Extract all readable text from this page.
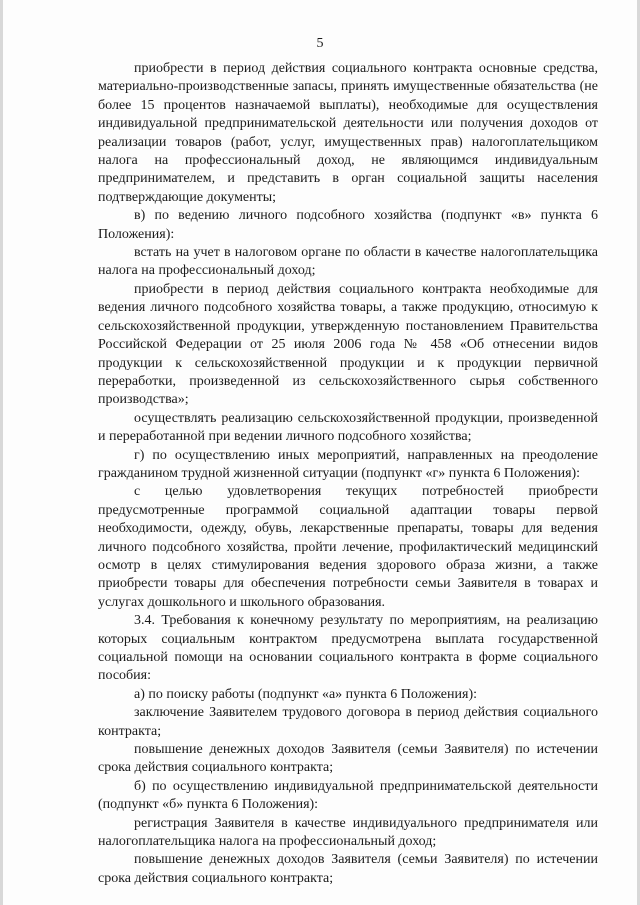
5

приобрести в период действия социального контракта основные средства, материально-производственные запасы, принять имущественные обязательства (не более 15 процентов назначаемой выплаты), необходимые для осуществления индивидуальной предпринимательской деятельности или получения доходов от реализации товаров (работ, услуг, имущественных прав) налогоплательщиком налога на профессиональный доход, не являющимся индивидуальным предпринимателем, и представить в орган социальной защиты населения подтверждающие документы;

в) по ведению личного подсобного хозяйства (подпункт «в» пункта 6 Положения):

встать на учет в налоговом органе по области в качестве налогоплательщика налога на профессиональный доход;

приобрести в период действия социального контракта необходимые для ведения личного подсобного хозяйства товары, а также продукцию, относимую к сельскохозяйственной продукции, утвержденную постановлением Правительства Российской Федерации от 25 июля 2006 года № 458 «Об отнесении видов продукции к сельскохозяйственной продукции и к продукции первичной переработки, произведенной из сельскохозяйственного сырья собственного производства»;

осуществлять реализацию сельскохозяйственной продукции, произведенной и переработанной при ведении личного подсобного хозяйства;

г) по осуществлению иных мероприятий, направленных на преодоление гражданином трудной жизненной ситуации (подпункт «г» пункта 6 Положения):

с целью удовлетворения текущих потребностей приобрести предусмотренные программой социальной адаптации товары первой необходимости, одежду, обувь, лекарственные препараты, товары для ведения личного подсобного хозяйства, пройти лечение, профилактический медицинский осмотр в целях стимулирования ведения здорового образа жизни, а также приобрести товары для обеспечения потребности семьи Заявителя в товарах и услугах дошкольного и школьного образования.

3.4. Требования к конечному результату по мероприятиям, на реализацию которых социальным контрактом предусмотрена выплата государственной социальной помощи на основании социального контракта в форме социального пособия:

а) по поиску работы (подпункт «а» пункта 6 Положения):

заключение Заявителем трудового договора в период действия социального контракта;

повышение денежных доходов Заявителя (семьи Заявителя) по истечении срока действия социального контракта;

б) по осуществлению индивидуальной предпринимательской деятельности (подпункт «б» пункта 6 Положения):

регистрация Заявителя в качестве индивидуального предпринимателя или налогоплательщика налога на профессиональный доход;

повышение денежных доходов Заявителя (семьи Заявителя) по истечении срока действия социального контракта;
